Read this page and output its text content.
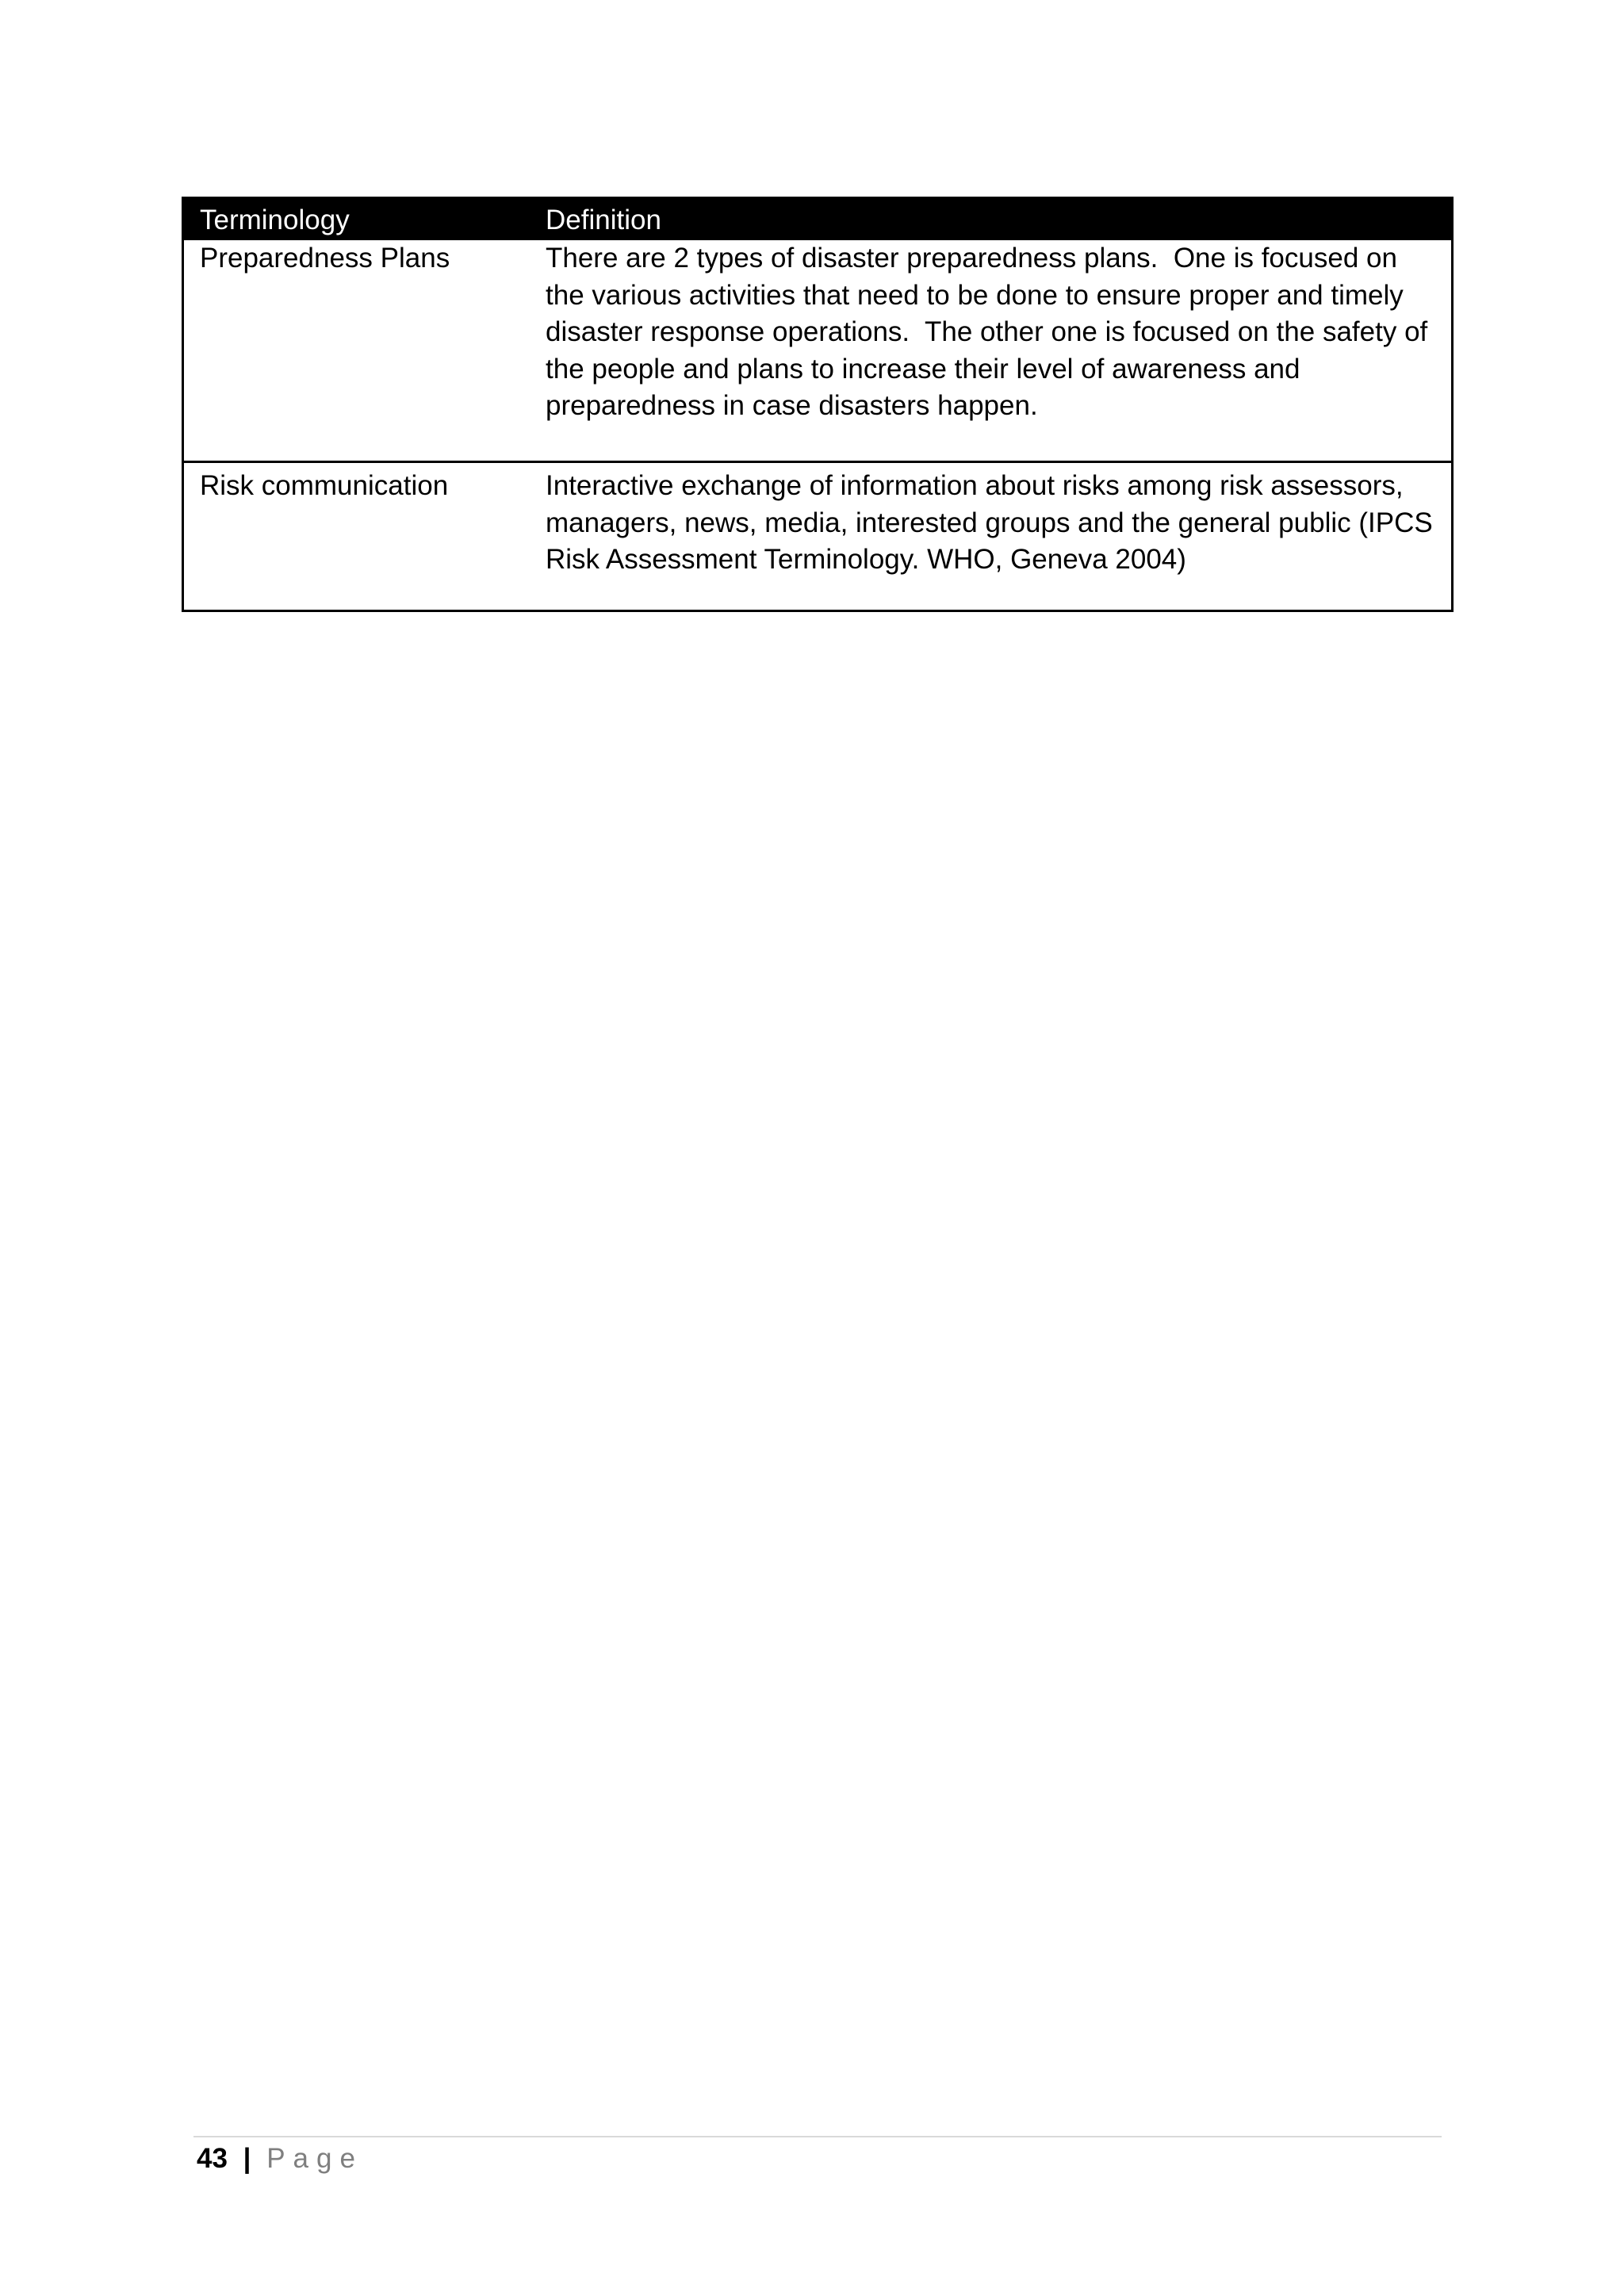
Terminology	Definition
Preparedness Plans	There are 2 types of disaster preparedness plans.  One is focused on
the various activities that need to be done to ensure proper and timely
disaster response operations.  The other one is focused on the safety of
the people and plans to increase their level of awareness and
preparedness in case disasters happen.
Risk communication	Interactive exchange of information about risks among risk assessors,
managers, news, media, interested groups and the general public (IPCS
Risk Assessment Terminology. WHO, Geneva 2004)
43 | Page
